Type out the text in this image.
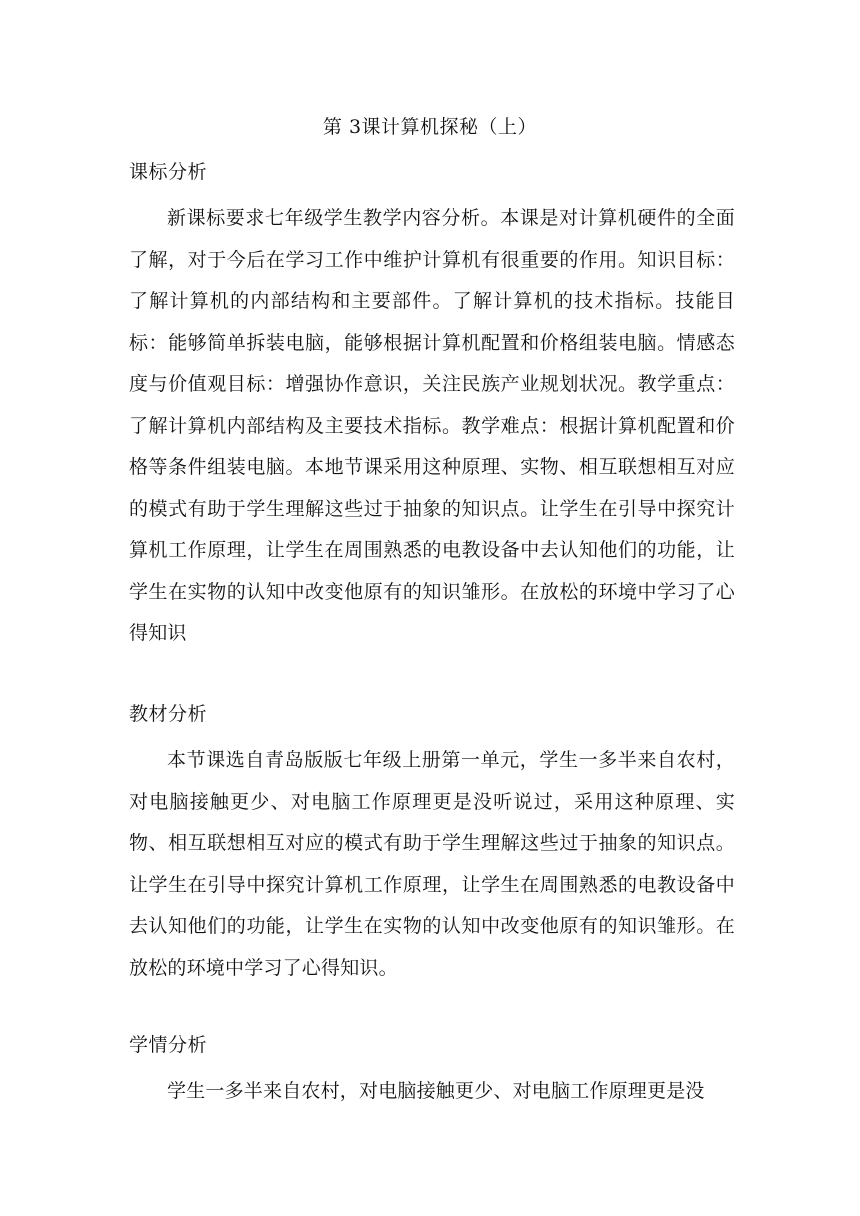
第 3课计算机探秘（上）
课标分析

新课标要求七年级学生教学内容分析。本课是对计算机硬件的全面了解，对于今后在学习工作中维护计算机有很重要的作用。知识目标：了解计算机的内部结构和主要部件。了解计算机的技术指标。技能目标：能够简单拆装电脑，能够根据计算机配置和价格组装电脑。情感态度与价值观目标：增强协作意识，关注民族产业规划状况。教学重点：了解计算机内部结构及主要技术指标。教学难点：根据计算机配置和价格等条件组装电脑。本地节课采用这种原理、实物、相互联想相互对应的模式有助于学生理解这些过于抽象的知识点。让学生在引导中探究计算机工作原理，让学生在周围熟悉的电教设备中去认知他们的功能，让学生在实物的认知中改变他原有的知识雏形。在放松的环境中学习了心得知识

教材分析

本节课选自青岛版版七年级上册第一单元，学生一多半来自农村，对电脑接触更少、对电脑工作原理更是没听说过，采用这种原理、实物、相互联想相互对应的模式有助于学生理解这些过于抽象的知识点。让学生在引导中探究计算机工作原理，让学生在周围熟悉的电教设备中去认知他们的功能，让学生在实物的认知中改变他原有的知识雏形。在放松的环境中学习了心得知识。

学情分析

学生一多半来自农村，对电脑接触更少、对电脑工作原理更是没
